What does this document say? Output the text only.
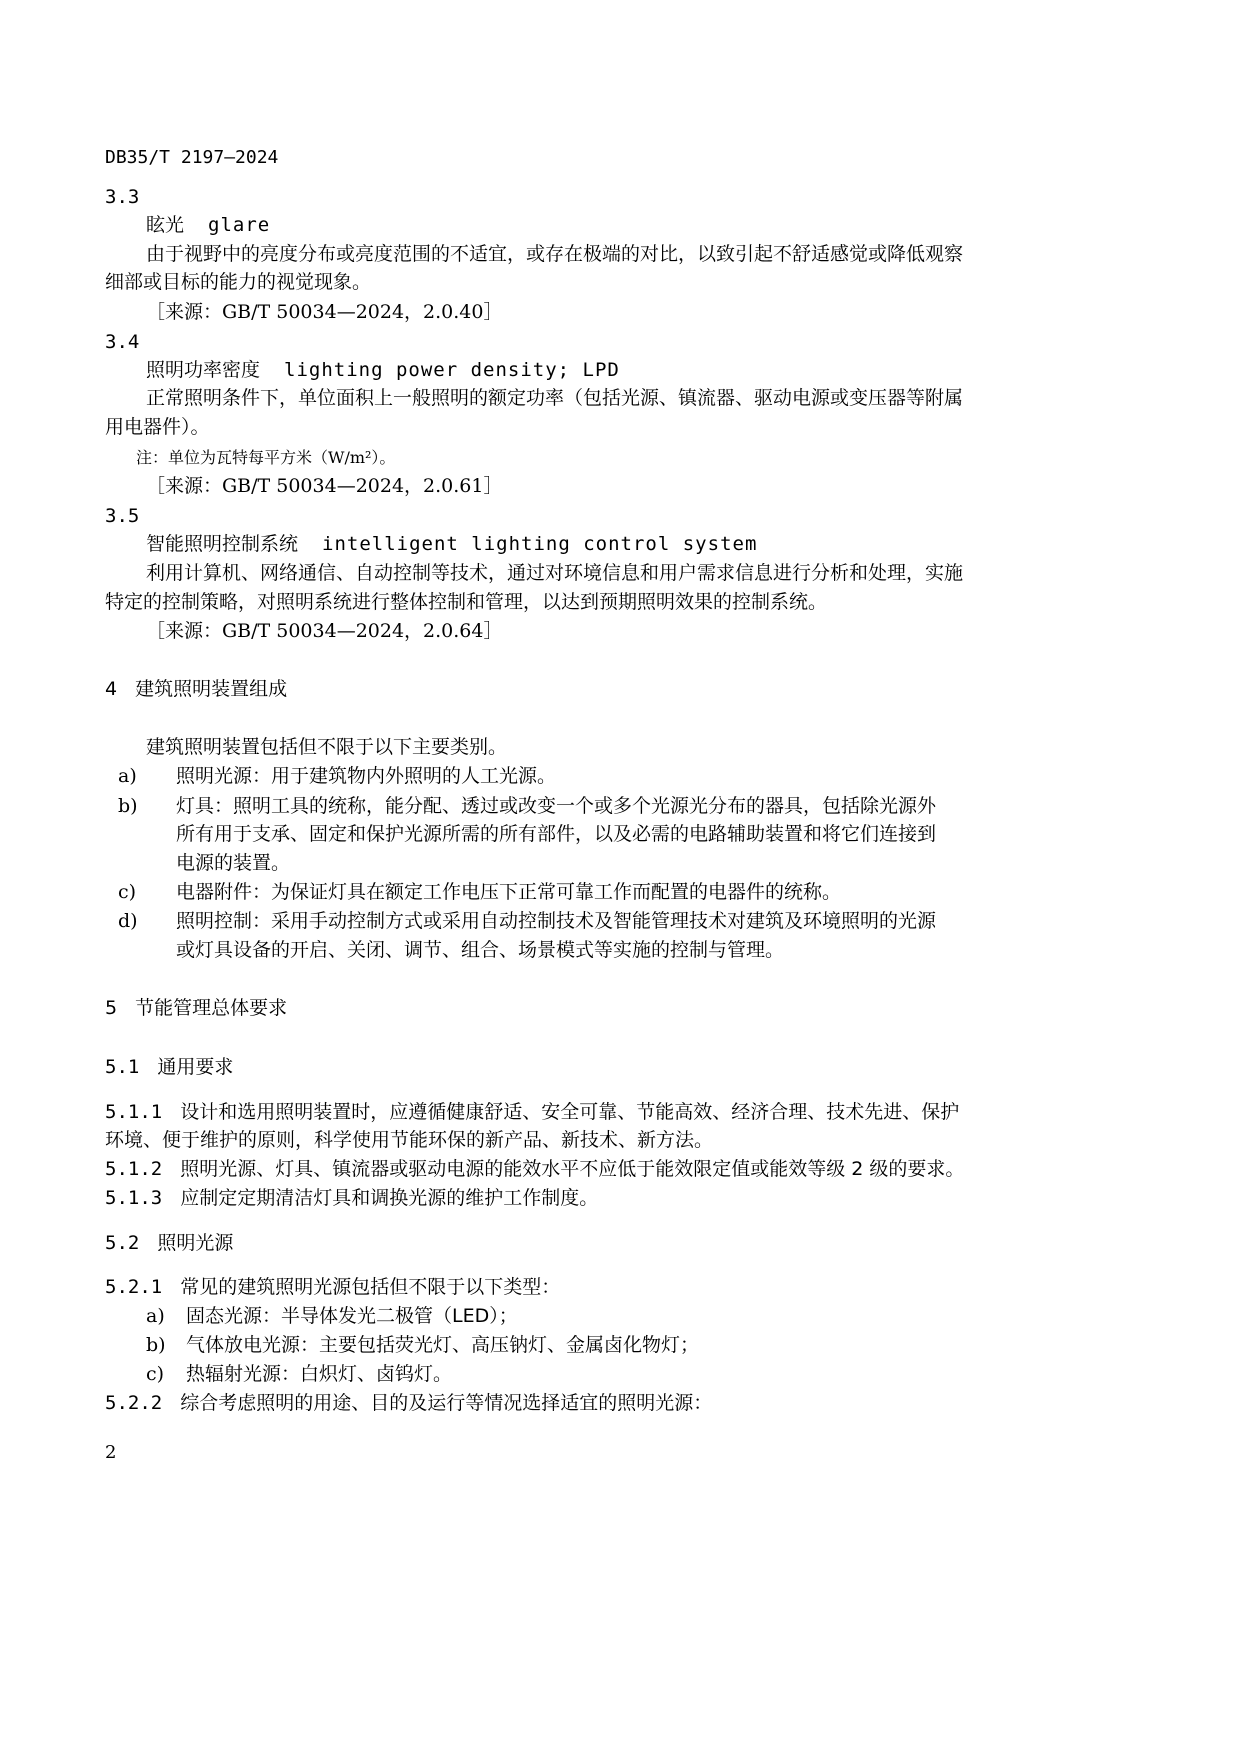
DB35/T 2197—2024
3.3
眩光 glare
由于视野中的亮度分布或亮度范围的不适宜，或存在极端的对比，以致引起不舒适感觉或降低观察
细部或目标的能力的视觉现象。
［来源：GB/T 50034—2024，2.0.40］
3.4
照明功率密度 lighting power density; LPD
正常照明条件下，单位面积上一般照明的额定功率（包括光源、镇流器、驱动电源或变压器等附属
用电器件）。
注：单位为瓦特每平方米（W/m²）。
［来源：GB/T 50034—2024，2.0.61］
3.5
智能照明控制系统 intelligent lighting control system
利用计算机、网络通信、自动控制等技术，通过对环境信息和用户需求信息进行分析和处理，实施
特定的控制策略，对照明系统进行整体控制和管理，以达到预期照明效果的控制系统。
［来源：GB/T 50034—2024，2.0.64］
4 建筑照明装置组成
建筑照明装置包括但不限于以下主要类别。
a) 照明光源：用于建筑物内外照明的人工光源。
b) 灯具：照明工具的统称，能分配、透过或改变一个或多个光源光分布的器具，包括除光源外
所有用于支承、固定和保护光源所需的所有部件，以及必需的电路辅助装置和将它们连接到
电源的装置。
c) 电器附件：为保证灯具在额定工作电压下正常可靠工作而配置的电器件的统称。
d) 照明控制：采用手动控制方式或采用自动控制技术及智能管理技术对建筑及环境照明的光源
或灯具设备的开启、关闭、调节、组合、场景模式等实施的控制与管理。
5 节能管理总体要求
5.1 通用要求
5.1.1 设计和选用照明装置时，应遵循健康舒适、安全可靠、节能高效、经济合理、技术先进、保护
环境、便于维护的原则，科学使用节能环保的新产品、新技术、新方法。
5.1.2 照明光源、灯具、镇流器或驱动电源的能效水平不应低于能效限定值或能效等级 2 级的要求。
5.1.3 应制定定期清洁灯具和调换光源的维护工作制度。
5.2 照明光源
5.2.1 常见的建筑照明光源包括但不限于以下类型：
a) 固态光源：半导体发光二极管（LED）；
b) 气体放电光源：主要包括荧光灯、高压钠灯、金属卤化物灯；
c) 热辐射光源：白炽灯、卤钨灯。
5.2.2 综合考虑照明的用途、目的及运行等情况选择适宜的照明光源：
2
